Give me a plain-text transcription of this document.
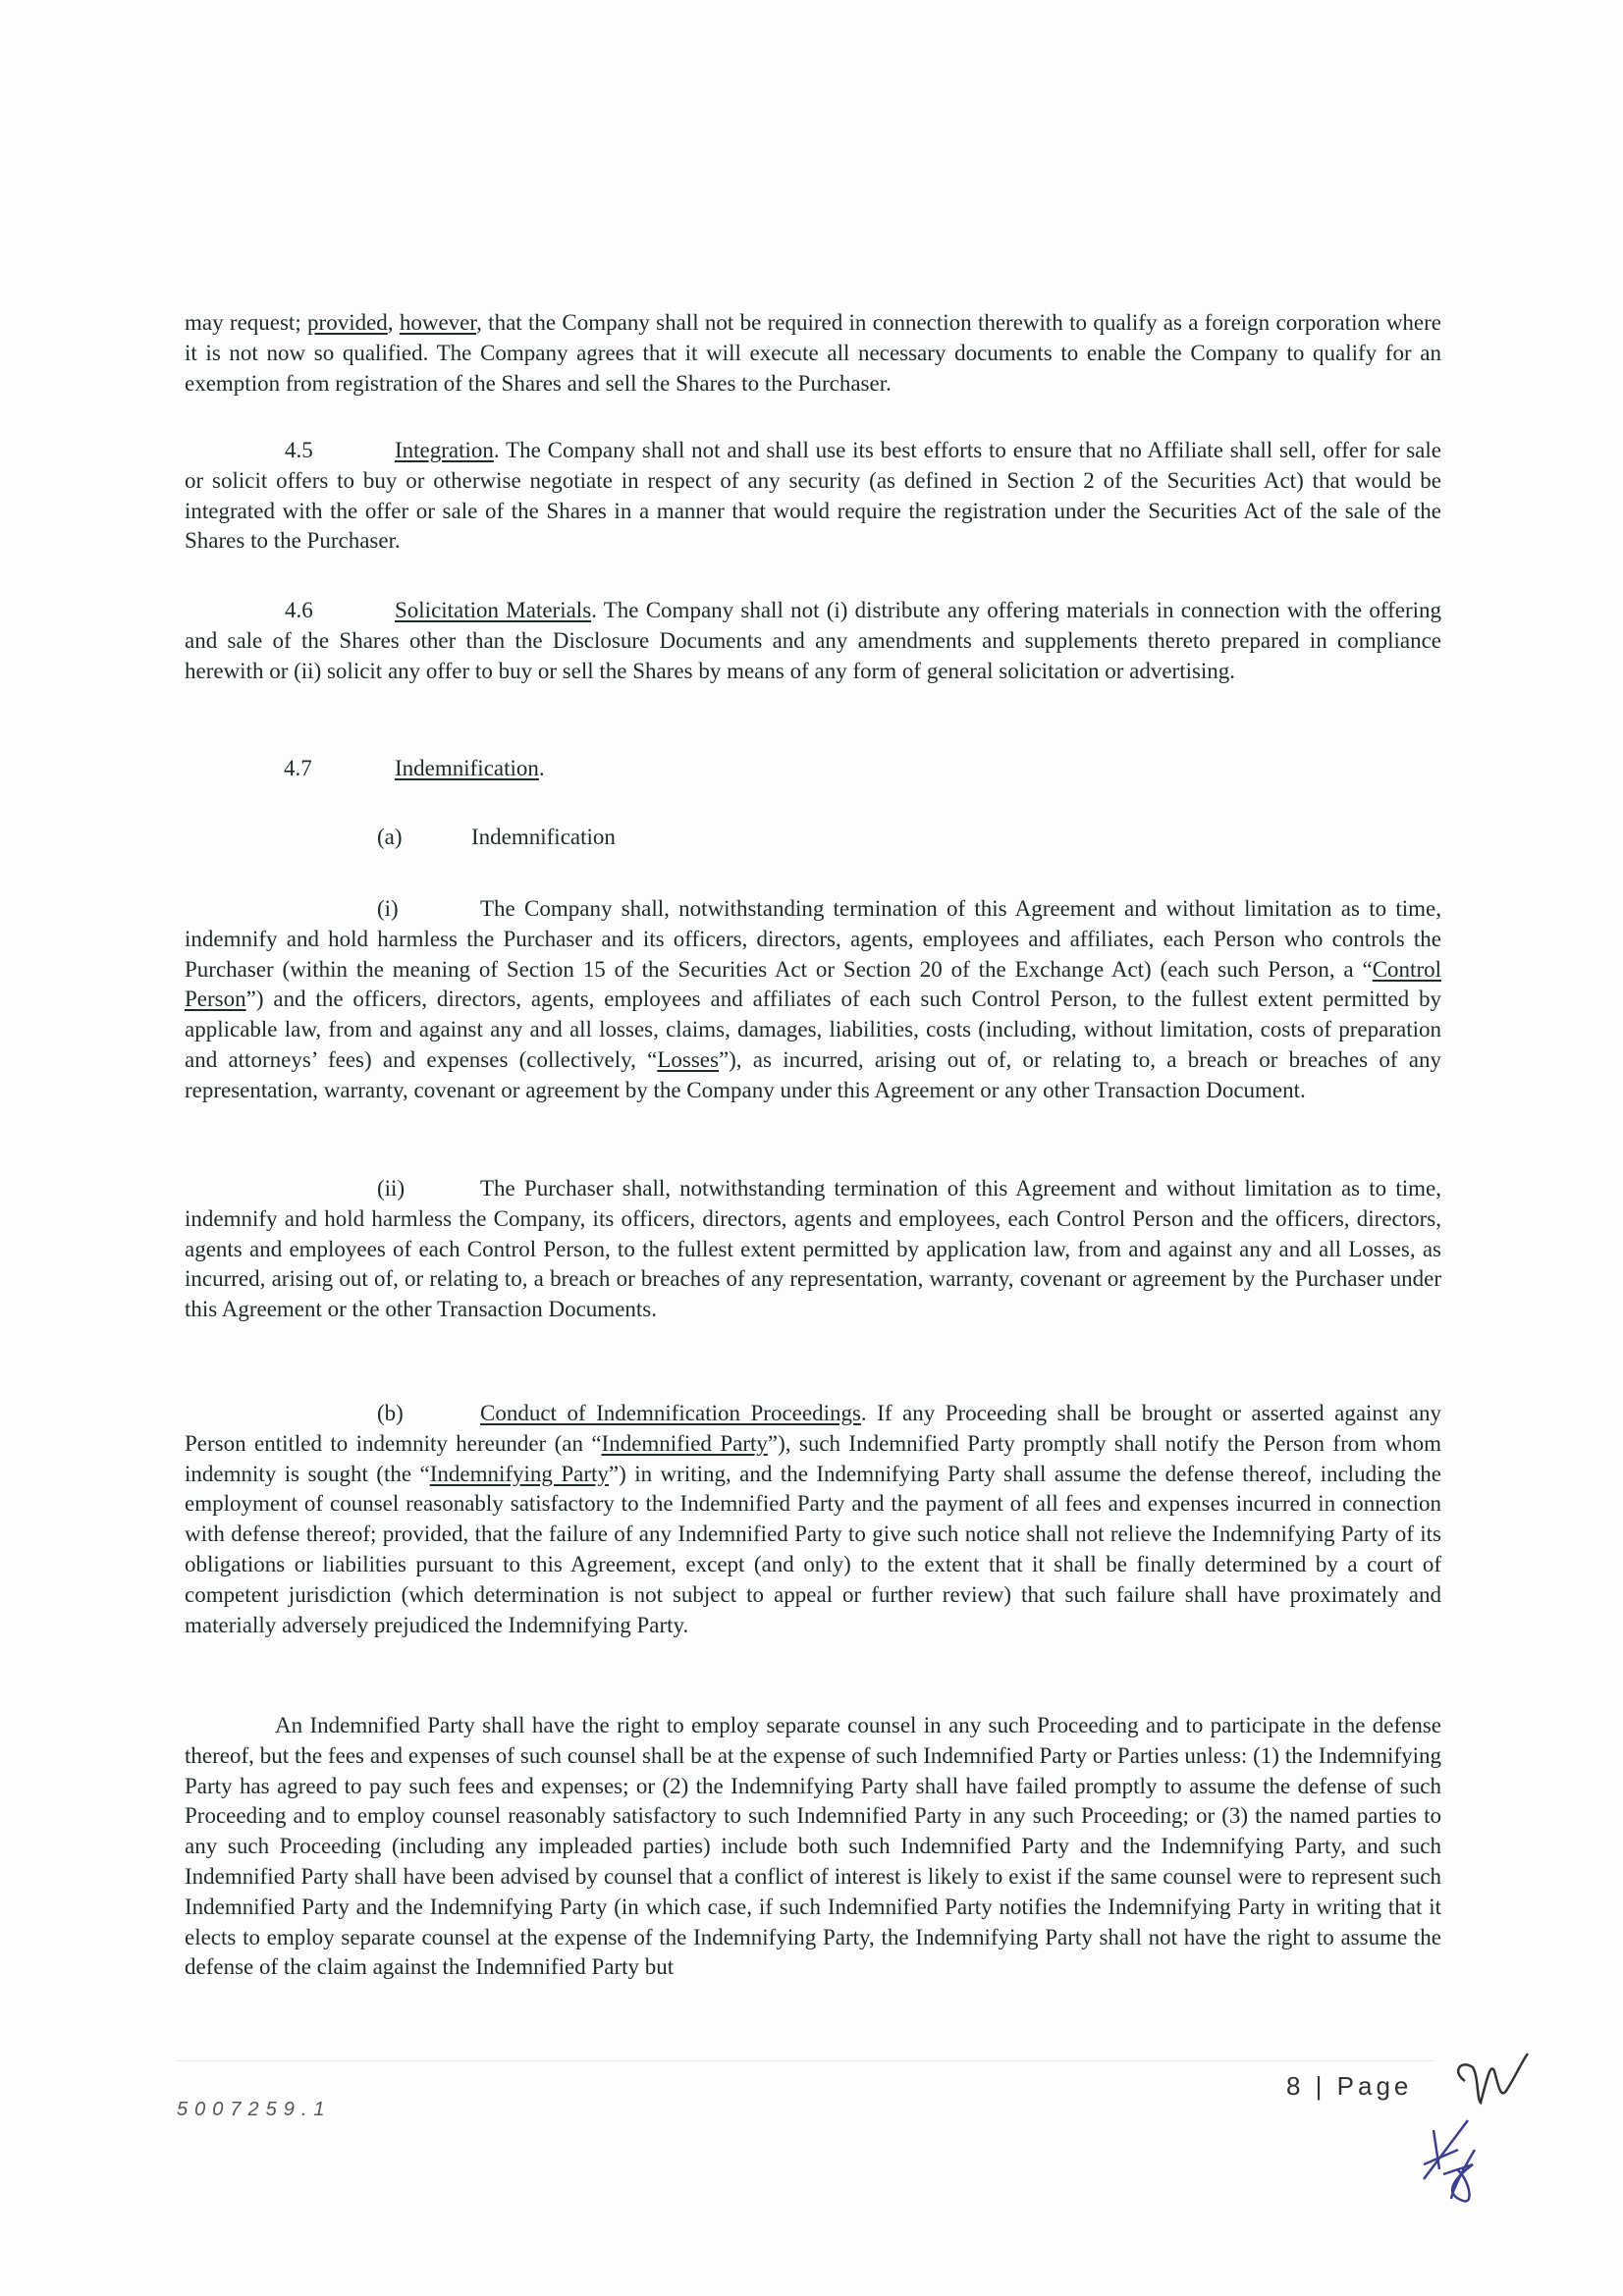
may request; provided, however, that the Company shall not be required in connection therewith to qualify as a foreign corporation where it is not now so qualified. The Company agrees that it will execute all necessary documents to enable the Company to qualify for an exemption from registration of the Shares and sell the Shares to the Purchaser.
4.5	Integration. The Company shall not and shall use its best efforts to ensure that no Affiliate shall sell, offer for sale or solicit offers to buy or otherwise negotiate in respect of any security (as defined in Section 2 of the Securities Act) that would be integrated with the offer or sale of the Shares in a manner that would require the registration under the Securities Act of the sale of the Shares to the Purchaser.
4.6	Solicitation Materials. The Company shall not (i) distribute any offering materials in connection with the offering and sale of the Shares other than the Disclosure Documents and any amendments and supplements thereto prepared in compliance herewith or (ii) solicit any offer to buy or sell the Shares by means of any form of general solicitation or advertising.
4.7	Indemnification.
(a)	Indemnification
(i)	The Company shall, notwithstanding termination of this Agreement and without limitation as to time, indemnify and hold harmless the Purchaser and its officers, directors, agents, employees and affiliates, each Person who controls the Purchaser (within the meaning of Section 15 of the Securities Act or Section 20 of the Exchange Act) (each such Person, a “Control Person”) and the officers, directors, agents, employees and affiliates of each such Control Person, to the fullest extent permitted by applicable law, from and against any and all losses, claims, damages, liabilities, costs (including, without limitation, costs of preparation and attorneys’ fees) and expenses (collectively, “Losses”), as incurred, arising out of, or relating to, a breach or breaches of any representation, warranty, covenant or agreement by the Company under this Agreement or any other Transaction Document.
(ii)	The Purchaser shall, notwithstanding termination of this Agreement and without limitation as to time, indemnify and hold harmless the Company, its officers, directors, agents and employees, each Control Person and the officers, directors, agents and employees of each Control Person, to the fullest extent permitted by application law, from and against any and all Losses, as incurred, arising out of, or relating to, a breach or breaches of any representation, warranty, covenant or agreement by the Purchaser under this Agreement or the other Transaction Documents.
(b)	Conduct of Indemnification Proceedings. If any Proceeding shall be brought or asserted against any Person entitled to indemnity hereunder (an “Indemnified Party”), such Indemnified Party promptly shall notify the Person from whom indemnity is sought (the “Indemnifying Party”) in writing, and the Indemnifying Party shall assume the defense thereof, including the employment of counsel reasonably satisfactory to the Indemnified Party and the payment of all fees and expenses incurred in connection with defense thereof; provided, that the failure of any Indemnified Party to give such notice shall not relieve the Indemnifying Party of its obligations or liabilities pursuant to this Agreement, except (and only) to the extent that it shall be finally determined by a court of competent jurisdiction (which determination is not subject to appeal or further review) that such failure shall have proximately and materially adversely prejudiced the Indemnifying Party.
An Indemnified Party shall have the right to employ separate counsel in any such Proceeding and to participate in the defense thereof, but the fees and expenses of such counsel shall be at the expense of such Indemnified Party or Parties unless: (1) the Indemnifying Party has agreed to pay such fees and expenses; or (2) the Indemnifying Party shall have failed promptly to assume the defense of such Proceeding and to employ counsel reasonably satisfactory to such Indemnified Party in any such Proceeding; or (3) the named parties to any such Proceeding (including any impleaded parties) include both such Indemnified Party and the Indemnifying Party, and such Indemnified Party shall have been advised by counsel that a conflict of interest is likely to exist if the same counsel were to represent such Indemnified Party and the Indemnifying Party (in which case, if such Indemnified Party notifies the Indemnifying Party in writing that it elects to employ separate counsel at the expense of the Indemnifying Party, the Indemnifying Party shall not have the right to assume the defense of the claim against the Indemnified Party but
8 | Page
5007259.1
